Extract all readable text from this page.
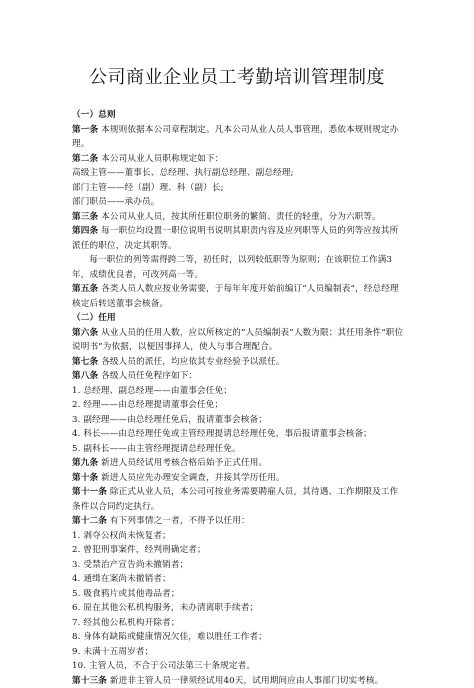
公司商业企业员工考勤培训管理制度
（一）总则
第一条 本规则依据本公司章程制定。凡本公司从业人员人事管理，悉依本规则规定办理。
第二条 本公司从业人员职称规定如下：
高级主管——董事长、总经理、执行副总经理、副总经理;
部门主管——经（副）理、科（副）长;
部门职员——承办员。
第三条 本公司从业人员，按其所任职位职务的繁简、责任的轻重，分为六职等。
第四条 每一职位均设置一职位说明书说明其职责内容及应列职等人员的列等应按其所派任的职位，决定其职等。
每一职位的列等需得跨二等，初任时，以列较低职等为原则；在该职位工作满3年，成绩优良者，可改列高一等。
第五条 各类人员人数应按业务需要，于每年年度开始前编订“人员编制表”，经总经理核定后转送董事会核备。
（二）任用
第六条 从业人员的任用人数，应以所核定的“人员编制表”人数为限；其任用条件“职位说明书”为依据，以便因事择人，使人与事合理配合。
第七条 各级人员的派任，均应依其专业经验予以派任。
第八条 各级人员任免程序如下：
1. 总经理、副总经理——由董事会任免；
2. 经理——由总经理提请董事会任免；
3. 副经理——由总经理任免后，报请董事会核备；
4. 科长——由总经理任免或主管经理提请总经理任免，事后报请董事会核备；
5. 副科长——由主管经理提请总经理任免。
第九条 新进人员经试用考核合格后始予正式任用。
第十条 新进人员应先办理安全调查，并接其学历任用。
第十一条 除正式从业人员，本公司可按业务需要聘雇人员，其待遇、工作期限及工作条件以合同约定执行。
第十二条 有下列事情之一者，不得予以任用：
1. 剥夺公权尚未恢复者；
2. 曾犯刑事案件，经判刑确定者；
3. 受禁治产宣告尚未撤销者；
4. 通缉在案尚未撤销者；
5. 吸食鸦片或其他毒品者；
6. 原在其他公私机构服务，未办清离职手续者；
7. 经其他公私机构开除者；
8. 身体有缺陷或健康情况欠佳，难以胜任工作者；
9. 未满十五周岁者；
10. 主管人员，不合于公司法第三十条规定者。
第十三条 新进非主管人员一律须经试用40天，试用期间应由人事部门切实考核。
